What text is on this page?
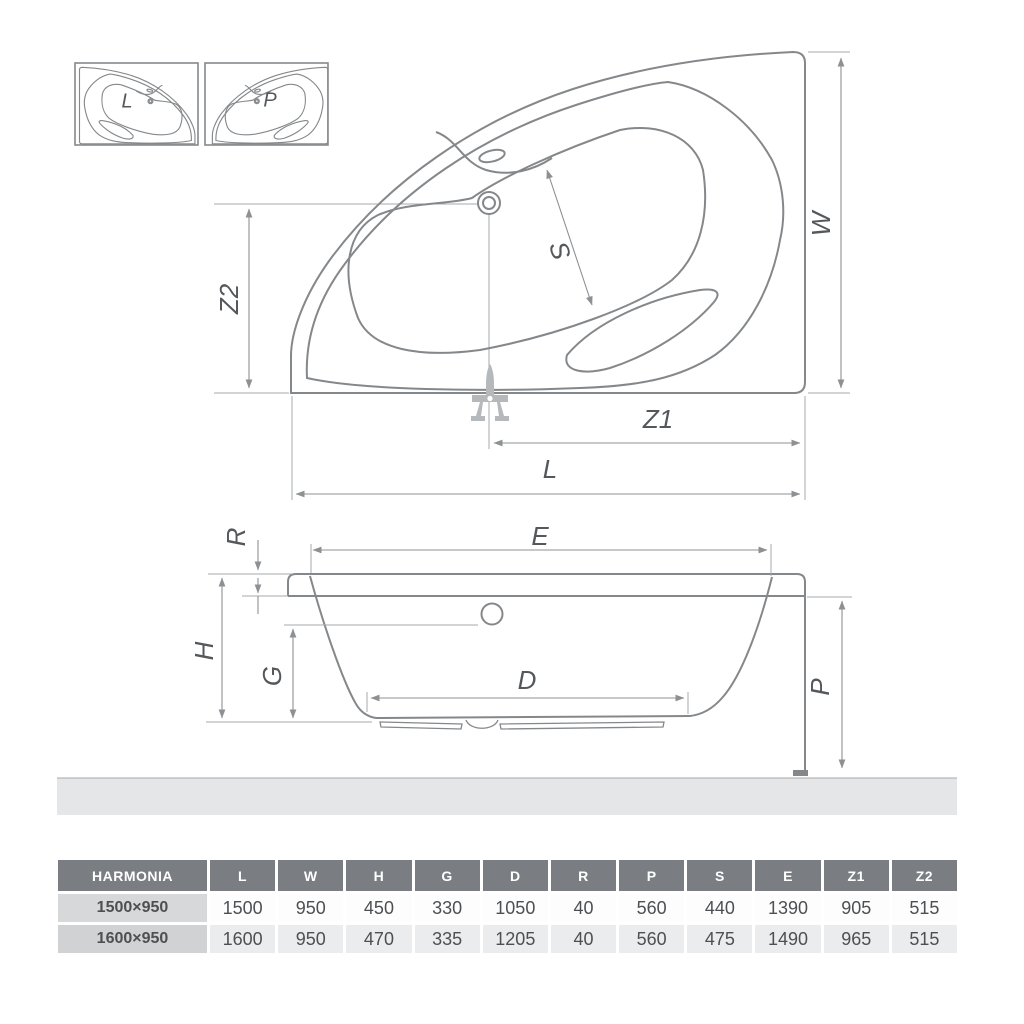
L	P
W
Z2
S
Z1
L
E
R
H
G	D	P
HARMONIA	L	W	H	G	D	R	P	S	E	Z1	Z2
1500×950	1500	950	450	330	1050	40	560	440	1390	905	515
1600×950	1600	950	470	335	1205	40	560	475	1490	965	515
